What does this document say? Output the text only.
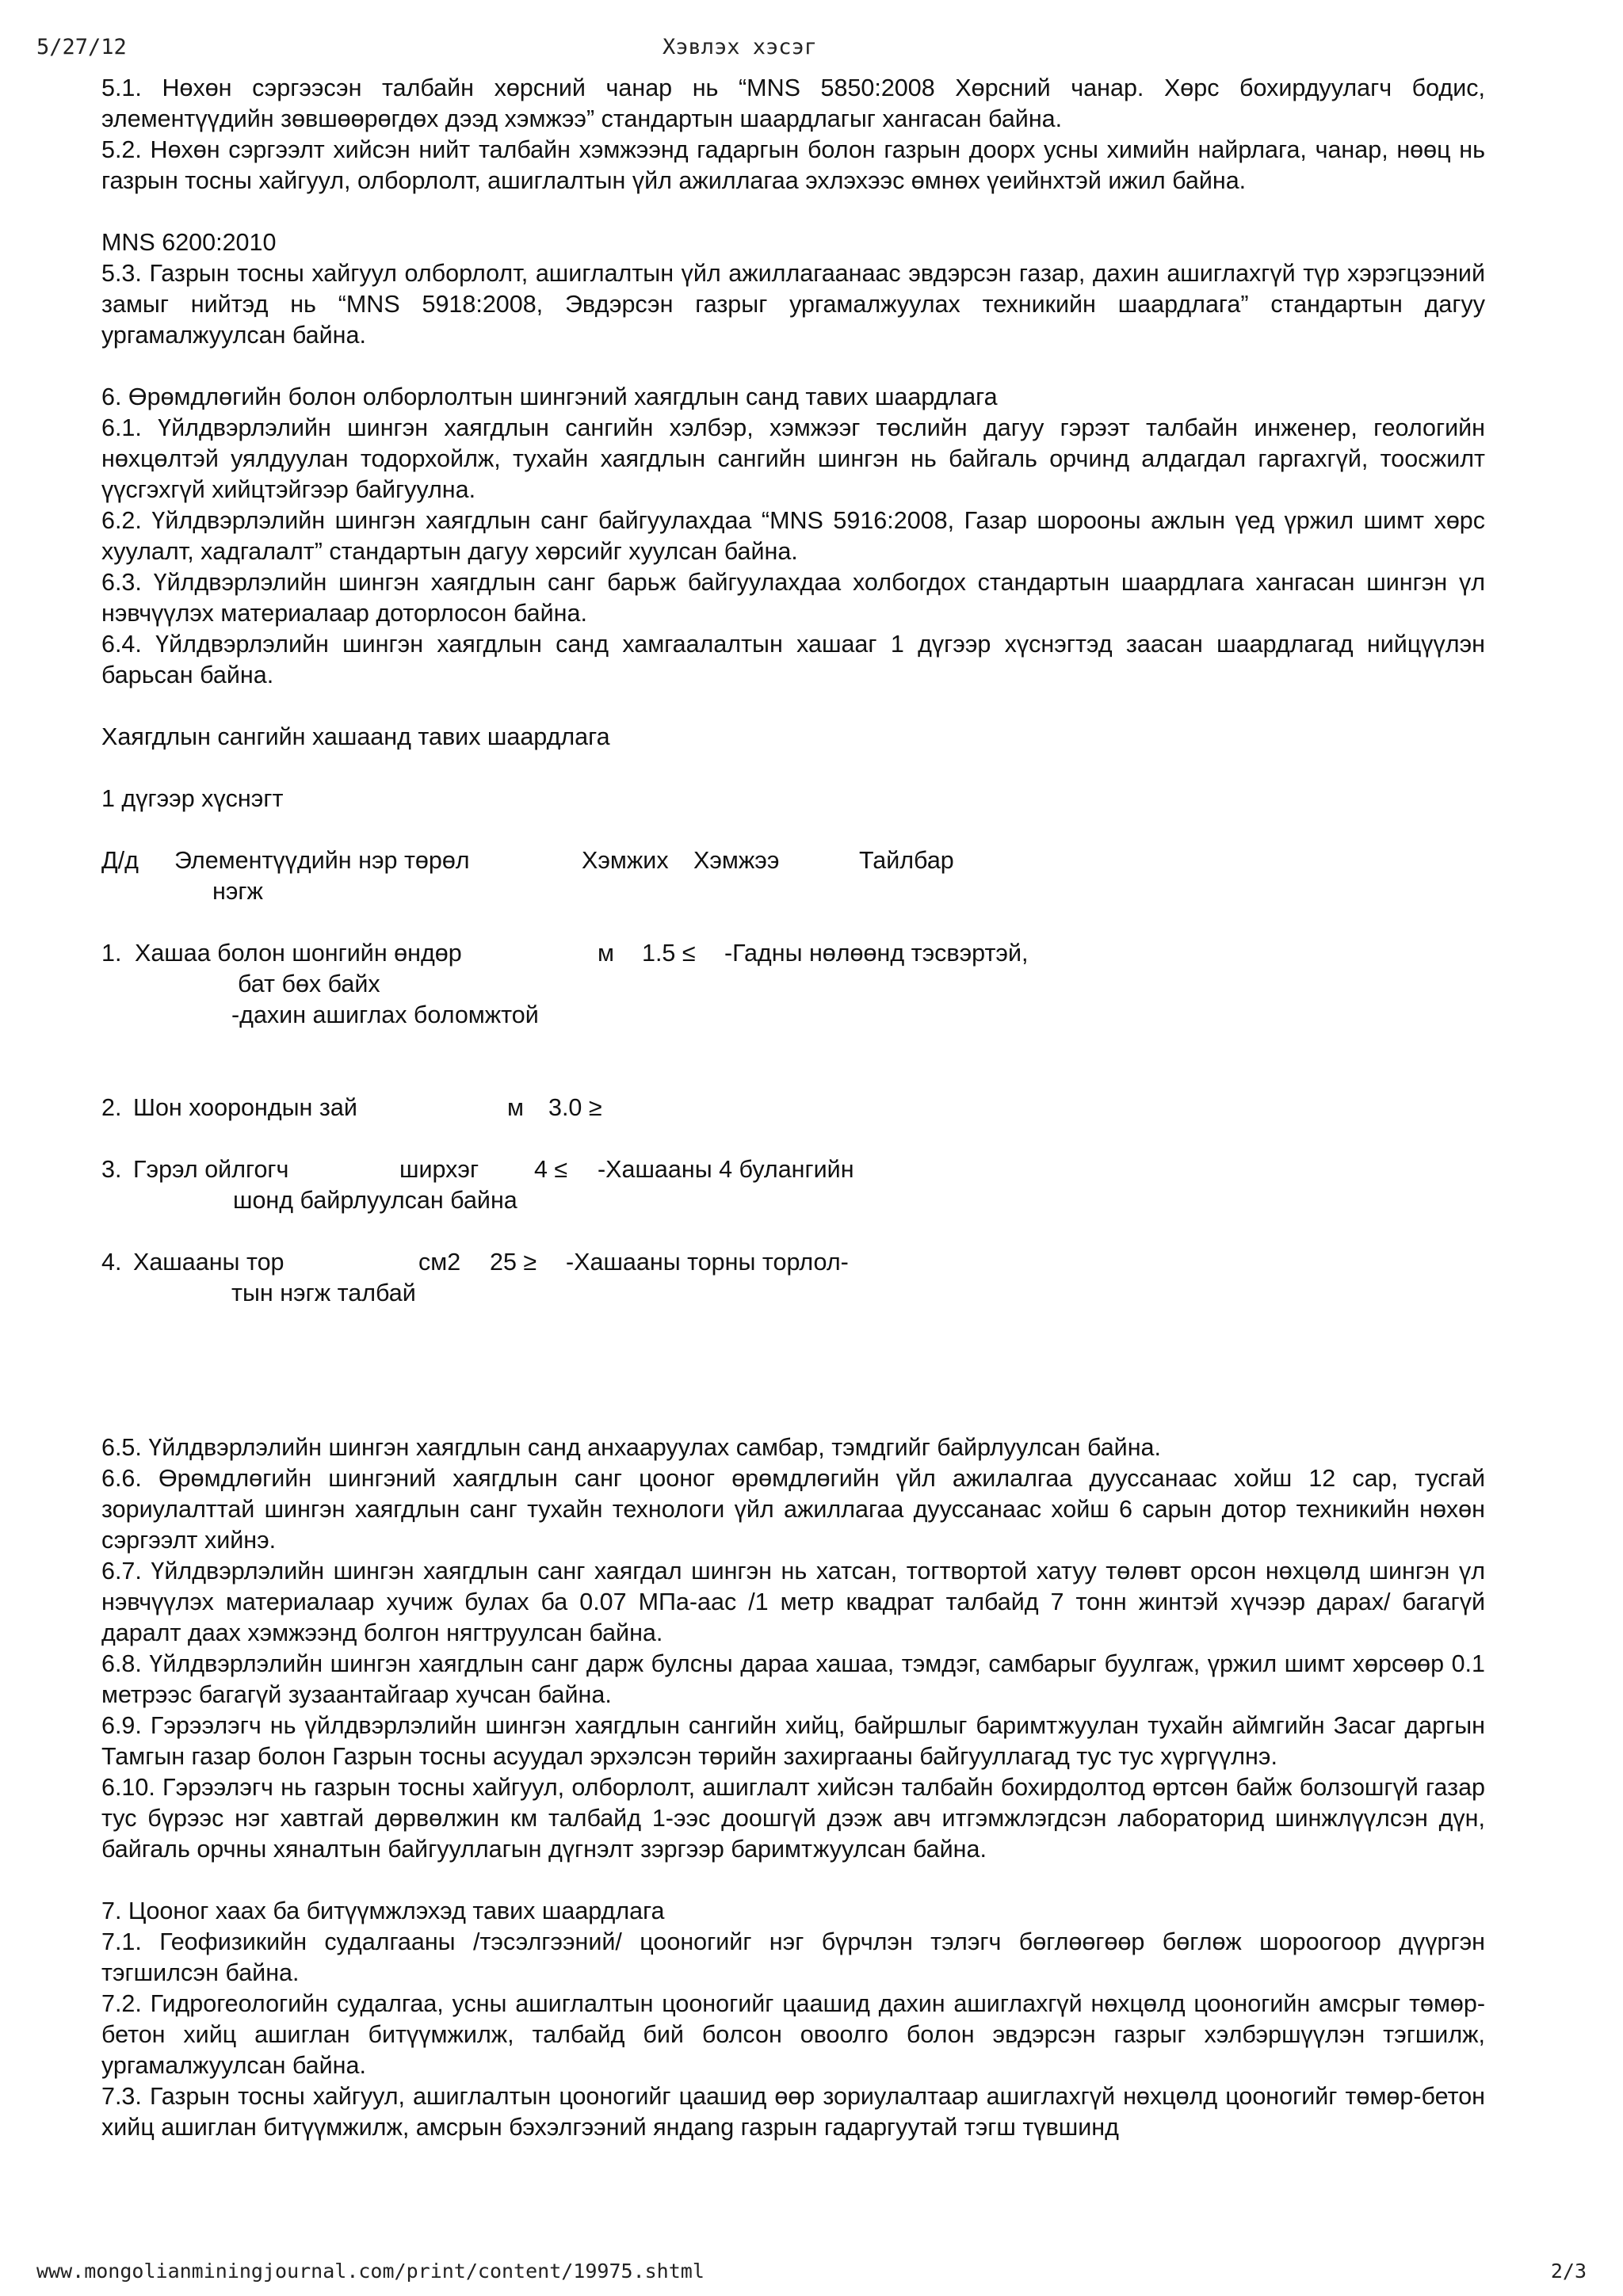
5/27/12	Хэвлэх хэсэг

5.1. Нөхөн сэргээсэн талбайн хөрсний чанар нь “MNS 5850:2008 Хөрсний чанар. Хөрс бохирдуулагч бодис, элементүүдийн зөвшөөрөгдөх дээд хэмжээ” стандартын шаардлагыг хангасан байна.

5.2. Нөхөн сэргээлт хийсэн нийт талбайн хэмжээнд гадаргын болон газрын доорх усны химийн найрлага, чанар, нөөц нь газрын тосны хайгуул, олборлолт, ашиглалтын үйл ажиллагаа эхлэхээс өмнөх үеийнхтэй ижил байна.

MNS 6200:2010

5.3. Газрын тосны хайгуул олборлолт, ашиглалтын үйл ажиллагаанаас эвдэрсэн газар, дахин ашиглахгүй түр хэрэгцээний замыг нийтэд нь “MNS 5918:2008, Эвдэрсэн газрыг ургамалжуулах техникийн шаардлага” стандартын дагуу ургамалжуулсан байна.

6. Өрөмдлөгийн болон олборлолтын шингэний хаягдлын санд тавих шаардлага

6.1. Үйлдвэрлэлийн шингэн хаягдлын сангийн хэлбэр, хэмжээг төслийн дагуу гэрээт талбайн инженер, геологийн нөхцөлтэй уялдуулан тодорхойлж, тухайн хаягдлын сангийн шингэн нь байгаль орчинд алдагдал гаргахгүй, тоосжилт үүсгэхгүй хийцтэйгээр байгуулна.

6.2. Үйлдвэрлэлийн шингэн хаягдлын санг байгуулахдаа “MNS 5916:2008, Газар шорооны ажлын үед үржил шимт хөрс хуулалт, хадгалалт” стандартын дагуу хөрсийг хуулсан байна.

6.3. Үйлдвэрлэлийн шингэн хаягдлын санг барьж байгуулахдаа холбогдох стандартын шаардлага хангасан шингэн үл нэвчүүлэх материалаар доторлосон байна.

6.4. Үйлдвэрлэлийн шингэн хаягдлын санд хамгаалалтын хашааг 1 дүгээр хүснэгтэд заасан шаардлагад нийцүүлэн барьсан байна.

Хаягдлын сангийн хашаанд тавих шаардлага

1 дүгээр хүснэгт

Д/д Элементүүдийн нэр төрөл	Хэмжих Хэмжээ	Тайлбар
нэгж
1. Хашаа болон шонгийн өндөр	м 1.5 ≤ -Гадны нөлөөнд тэсвэртэй,
бат бөх байх
-дахин ашиглах боломжтой
2. Шон хоорондын зай	м 3.0 ≥
3. Гэрэл ойлгогч	ширхэг 4 ≤ -Хашааны 4 булангийн
шонд байрлуулсан байна
4. Хашааны тор	см2 25 ≥ -Хашааны торны торлол-
тын нэгж талбай

6.5. Үйлдвэрлэлийн шингэн хаягдлын санд анхааруулах самбар, тэмдгийг байрлуулсан байна.

6.6. Өрөмдлөгийн шингэний хаягдлын санг цооног өрөмдлөгийн үйл ажилалгаа дууссанаас хойш 12 сар, тусгай зориулалттай шингэн хаягдлын санг тухайн технологи үйл ажиллагаа дууссанаас хойш 6 сарын дотор техникийн нөхөн сэргээлт хийнэ.

6.7. Үйлдвэрлэлийн шингэн хаягдлын санг хаягдал шингэн нь хатсан, тогтвортой хатуу төлөвт орсон нөхцөлд шингэн үл нэвчүүлэх материалаар хучиж булах ба 0.07 МПа-аас /1 метр квадрат талбайд 7 тонн жинтэй хүчээр дарах/ багагүй даралт даах хэмжээнд болгон нягтруулсан байна.

6.8. Үйлдвэрлэлийн шингэн хаягдлын санг дарж булсны дараа хашаа, тэмдэг, самбарыг буулгаж, үржил шимт хөрсөөр 0.1 метрээс багагүй зузаантайгаар хучсан байна.

6.9. Гэрээлэгч нь үйлдвэрлэлийн шингэн хаягдлын сангийн хийц, байршлыг баримтжуулан тухайн аймгийн Засаг даргын Тамгын газар болон Газрын тосны асуудал эрхэлсэн төрийн захиргааны байгууллагад тус тус хүргүүлнэ.

6.10. Гэрээлэгч нь газрын тосны хайгуул, олборлолт, ашиглалт хийсэн талбайн бохирдолтод өртсөн байж болзошгүй газар тус бүрээс нэг хавтгай дөрвөлжин км талбайд 1-ээс доошгүй дээж авч итгэмжлэгдсэн лабораторид шинжлүүлсэн дүн, байгаль орчны хяналтын байгууллагын дүгнэлт зэргээр баримтжуулсан байна.

7. Цооног хаах ба битүүмжлэхэд тавих шаардлага

7.1. Геофизикийн судалгааны /тэсэлгээний/ цооногийг нэг бүрчлэн тэлэгч бөглөөгөөр бөглөж шороогоор дүүргэн тэгшилсэн байна.

7.2. Гидрогеологийн судалгаа, усны ашиглалтын цооногийг цаашид дахин ашиглахгүй нөхцөлд цооногийн амсрыг төмөр-бетон хийц ашиглан битүүмжилж, талбайд бий болсон овоолго болон эвдэрсэн газрыг хэлбэршүүлэн тэгшилж, ургамалжуулсан байна.

7.3. Газрын тосны хайгуул, ашиглалтын цооногийг цаашид өөр зориулалтаар ашиглахгүй нөхцөлд цооногийг төмөр-бетон хийц ашиглан битүүмжилж, амсрын бэхэлгээний яндang газрын гадаргуутай тэгш түвшинд

www.mongolianminingjournal.com/print/content/19975.shtml	2/3
